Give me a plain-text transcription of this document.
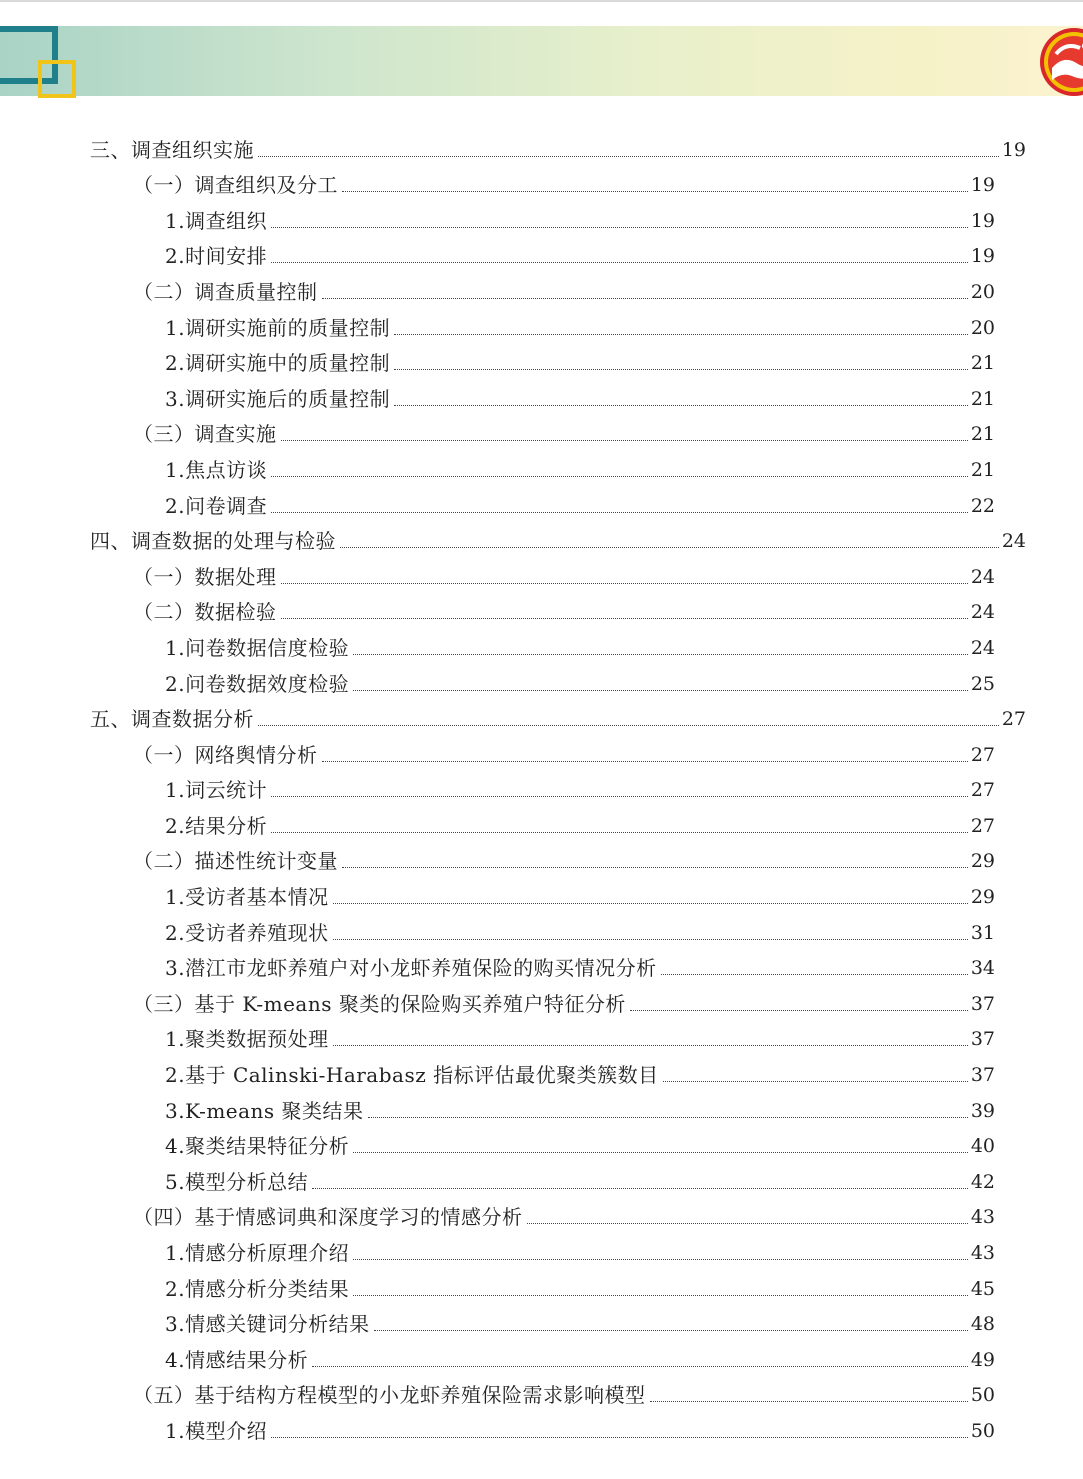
三、调查组织实施	19
（一）调查组织及分工	19
1.调查组织	19
2.时间安排	19
（二）调查质量控制	20
1.调研实施前的质量控制	20
2.调研实施中的质量控制	21
3.调研实施后的质量控制	21
（三）调查实施	21
1.焦点访谈	21
2.问卷调查	22
四、调查数据的处理与检验	24
（一）数据处理	24
（二）数据检验	24
1.问卷数据信度检验	24
2.问卷数据效度检验	25
五、调查数据分析	27
（一）网络舆情分析	27
1.词云统计	27
2.结果分析	27
（二）描述性统计变量	29
1.受访者基本情况	29
2.受访者养殖现状	31
3.潜江市龙虾养殖户对小龙虾养殖保险的购买情况分析	34
（三）基于 K-means 聚类的保险购买养殖户特征分析	37
1.聚类数据预处理	37
2.基于 Calinski-Harabasz 指标评估最优聚类簇数目	37
3.K-means 聚类结果	39
4.聚类结果特征分析	40
5.模型分析总结	42
（四）基于情感词典和深度学习的情感分析	43
1.情感分析原理介绍	43
2.情感分析分类结果	45
3.情感关键词分析结果	48
4.情感结果分析	49
（五）基于结构方程模型的小龙虾养殖保险需求影响模型	50
1.模型介绍	50
